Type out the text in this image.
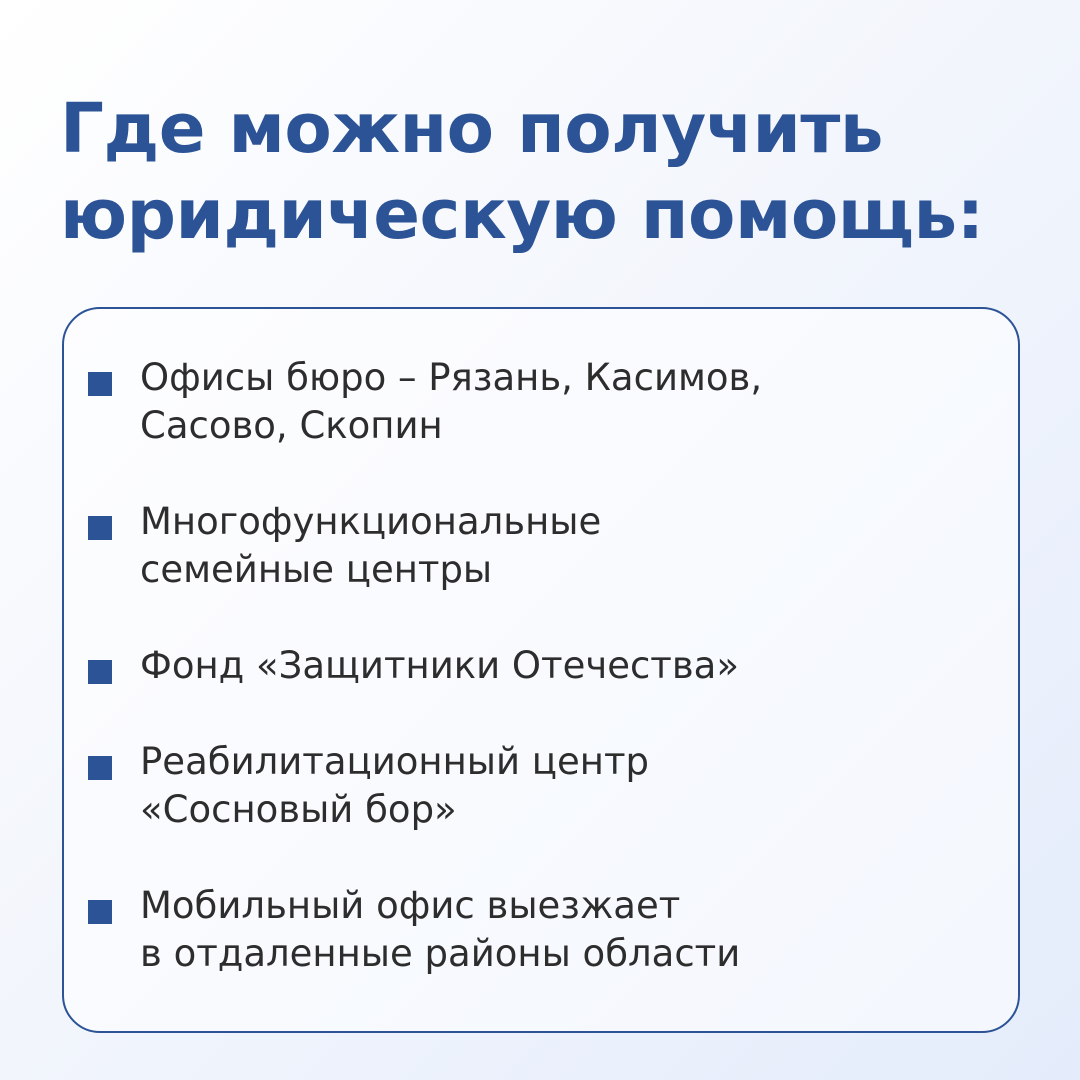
Где можно получить
юридическую помощь:
Офисы бюро – Рязань, Касимов,
Сасово, Скопин
Многофункциональные
семейные центры
Фонд «Защитники Отечества»
Реабилитационный центр
«Сосновый бор»
Мобильный офис выезжает
в отдаленные районы области
